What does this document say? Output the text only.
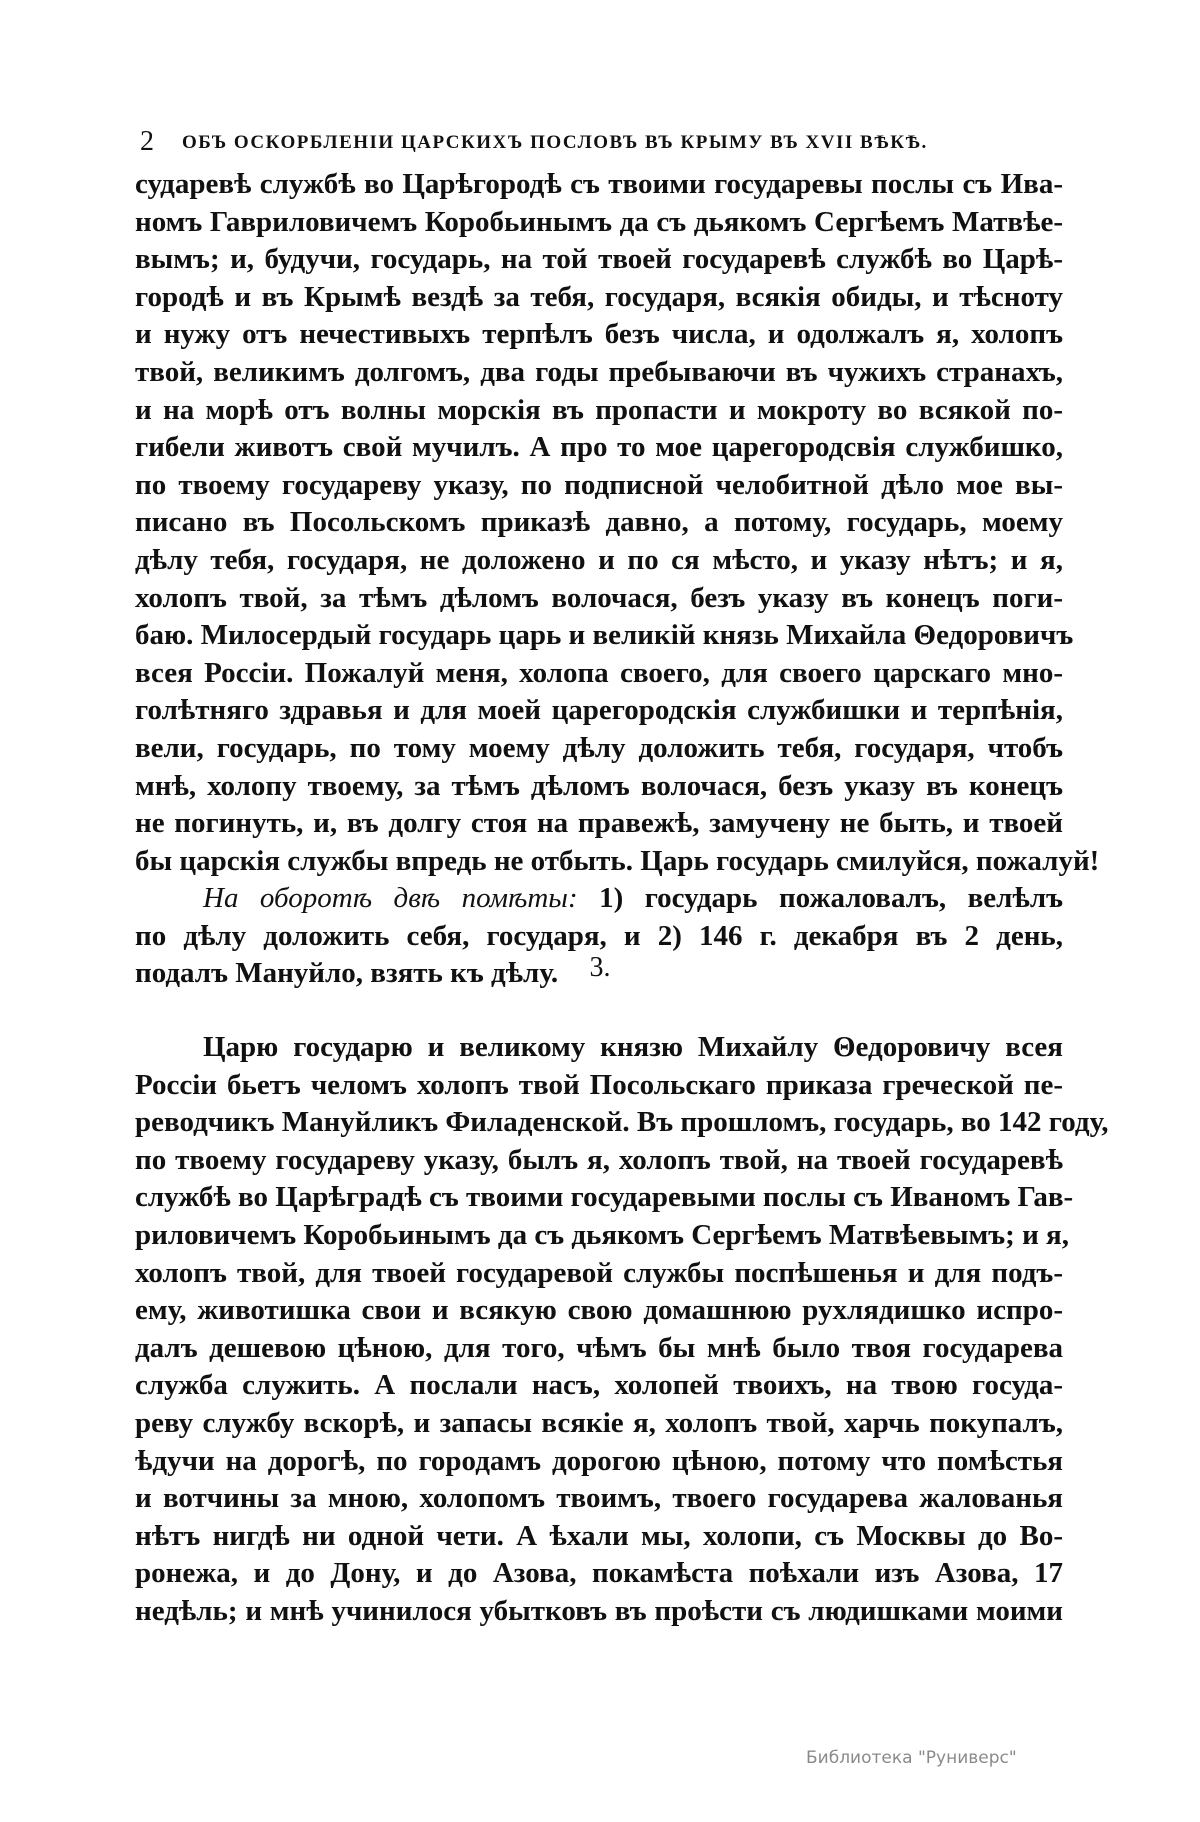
2 ОБЪ ОСКОРБЛЕНІИ ЦАРСКИХЪ ПОСЛОВЪ ВЪ КРЫМУ ВЪ XVII ВѢКѢ.
сударевѣ службѣ во Царѣгородѣ съ твоими государевы послы съ Ива-
номъ Гавриловичемъ Коробьинымъ да съ дьякомъ Сергѣемъ Матвѣе-
вымъ; и, будучи, государь, на той твоей государевѣ службѣ во Царѣ-
городѣ и въ Крымѣ вездѣ за тебя, государя, всякія обиды, и тѣсноту
и нужу отъ нечестивыхъ терпѣлъ безъ числа, и одолжалъ я, холопъ
твой, великимъ долгомъ, два годы пребываючи въ чужихъ странахъ,
и на морѣ отъ волны морскія въ пропасти и мокроту во всякой по-
гибели животъ свой мучилъ. А про то мое царегородсвія службишко,
по твоему государеву указу, по подписной челобитной дѣло мое вы-
писано въ Посольскомъ приказѣ давно, а потому, государь, моему
дѣлу тебя, государя, не доложено и по ся мѣсто, и указу нѣтъ; и я,
холопъ твой, за тѣмъ дѣломъ волочася, безъ указу въ конецъ поги-
баю. Милосердый государь царь и великій князь Михайла Θедоровичъ
всея Россіи. Пожалуй меня, холопа своего, для своего царскаго мно-
голѣтняго здравья и для моей царегородскія службишки и терпѣнія,
вели, государь, по тому моему дѣлу доложить тебя, государя, чтобъ
мнѣ, холопу твоему, за тѣмъ дѣломъ волочася, безъ указу въ конецъ
не погинуть, и, въ долгу стоя на правежѣ, замучену не быть, и твоей
бы царскія службы впредь не отбыть. Царь государь смилуйся, пожалуй!
На оборотѣ двѣ помѣты: 1) государь пожаловалъ, велѣлъ
по дѣлу доложить себя, государя, и 2) 146 г. декабря въ 2 день,
подалъ Мануйло, взять къ дѣлу.	3.
Царю государю и великому князю Михайлу Θедоровичу всея
Россіи бьетъ челомъ холопъ твой Посольскаго приказа греческой пе-
реводчикъ Мануйликъ Филаденской. Въ прошломъ, государь, во 142 году,
по твоему государеву указу, былъ я, холопъ твой, на твоей государевѣ
службѣ во Царѣградѣ съ твоими государевыми послы съ Иваномъ Гав-
риловичемъ Коробьинымъ да съ дьякомъ Сергѣемъ Матвѣевымъ; и я,
холопъ твой, для твоей государевой службы поспѣшенья и для подъ-
ему, животишка свои и всякую свою домашнюю рухлядишко испро-
далъ дешевою цѣною, для того, чѣмъ бы мнѣ было твоя государева
служба служить. А послали насъ, холопей твоихъ, на твою госуда-
реву службу вскорѣ, и запасы всякіе я, холопъ твой, харчь покупалъ,
ѣдучи на дорогѣ, по городамъ дорогою цѣною, потому что помѣстья
и вотчины за мною, холопомъ твоимъ, твоего государева жалованья
нѣтъ нигдѣ ни одной чети. А ѣхали мы, холопи, съ Москвы до Во-
ронежа, и до Дону, и до Азова, покамѣста поѣхали изъ Азова, 17
недѣль; и мнѣ учинилося убытковъ въ проѣсти съ людишками моими
Библиотека "Руниверс"
